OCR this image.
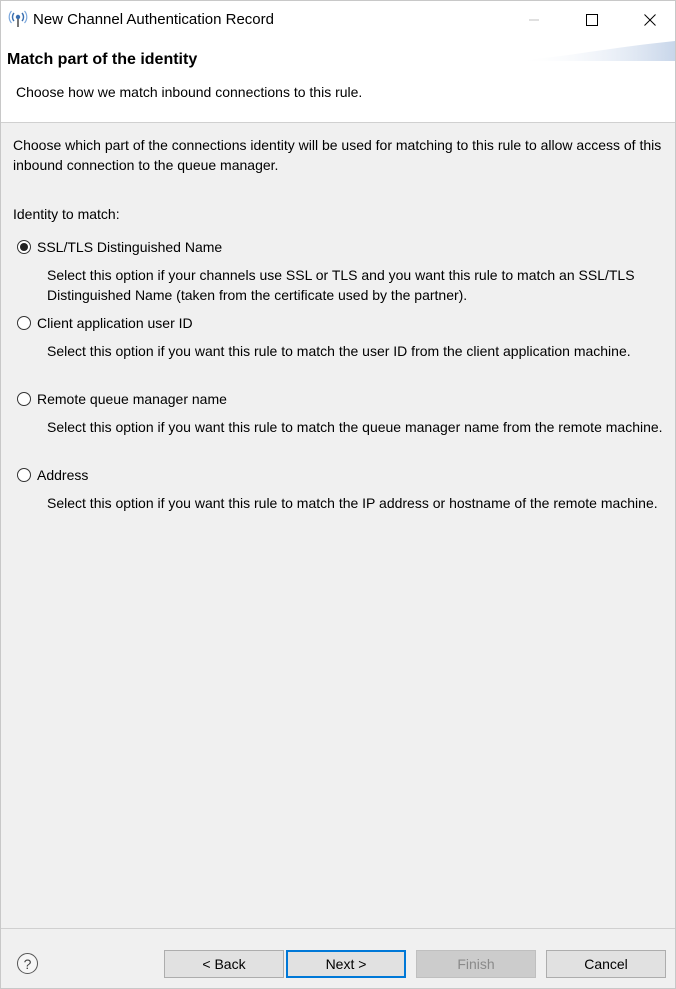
New Channel Authentication Record
Match part of the identity
Choose how we match inbound connections to this rule.
Choose which part of the connections identity will be used for matching to this rule to allow access of this inbound connection to the queue manager.
Identity to match:
SSL/TLS Distinguished Name
Select this option if your channels use SSL or TLS and you want this rule to match an SSL/TLS Distinguished Name (taken from the certificate used by the partner).
Client application user ID
Select this option if you want this rule to match the user ID from the client application machine.
Remote queue manager name
Select this option if you want this rule to match the queue manager name from the remote machine.
Address
Select this option if you want this rule to match the IP address or hostname of the remote machine.
?	< Back	Next >	Finish	Cancel
